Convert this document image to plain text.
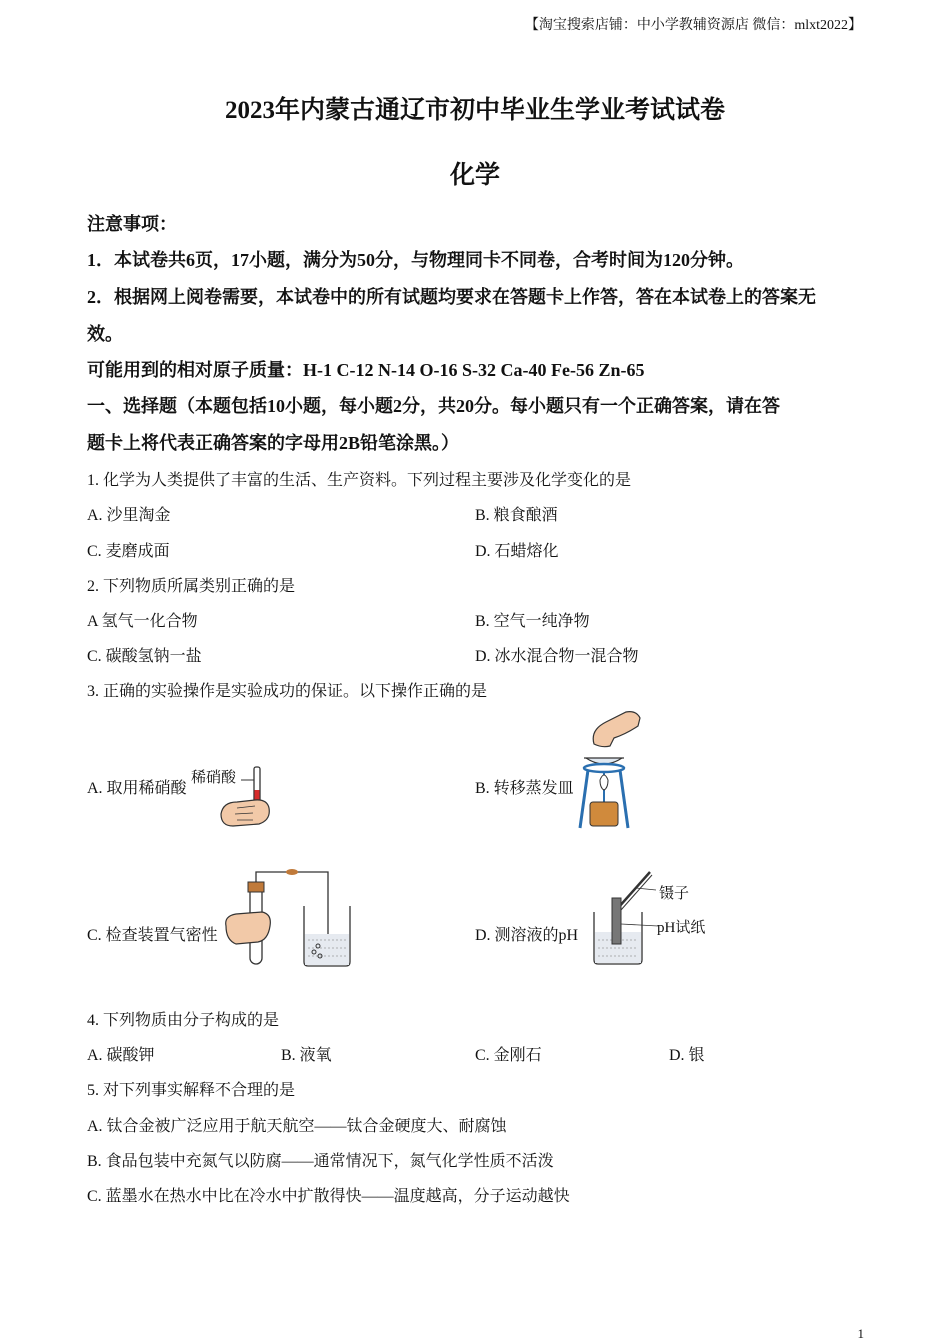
【淘宝搜索店铺：中小学教辅资源店 微信：mlxt2022】
2023年内蒙古通辽市初中毕业生学业考试试卷
化学
注意事项：
1．本试卷共6页，17小题，满分为50分，与物理同卡不同卷，合考时间为120分钟。
2．根据网上阅卷需要，本试卷中的所有试题均要求在答题卡上作答，答在本试卷上的答案无
效。
可能用到的相对原子质量：H-1 C-12 N-14 O-16 S-32 Ca-40 Fe-56 Zn-65
一、选择题（本题包括10小题，每小题2分，共20分。每小题只有一个正确答案，请在答
题卡上将代表正确答案的字母用2B铅笔涂黑。）
1. 化学为人类提供了丰富的生活、生产资料。下列过程主要涉及化学变化的是
A. 沙里淘金	B. 粮食酿酒
C. 麦磨成面	D. 石蜡熔化
2. 下列物质所属类别正确的是
A 氢气一化合物	B. 空气一纯净物
C. 碳酸氢钠一盐	D. 冰水混合物一混合物
3. 正确的实验操作是实验成功的保证。以下操作正确的是
A. 取用稀硝酸
稀硝酸
B. 转移蒸发皿
C. 检查装置气密性	D. 测溶液的pH
镊子
pH试纸
4. 下列物质由分子构成的是
A. 碳酸钾	B. 液氧	C. 金刚石	D. 银
5. 对下列事实解释不合理的是
A. 钛合金被广泛应用于航天航空——钛合金硬度大、耐腐蚀
B. 食品包装中充氮气以防腐——通常情况下，氮气化学性质不活泼
C. 蓝墨水在热水中比在冷水中扩散得快——温度越高，分子运动越快
1
